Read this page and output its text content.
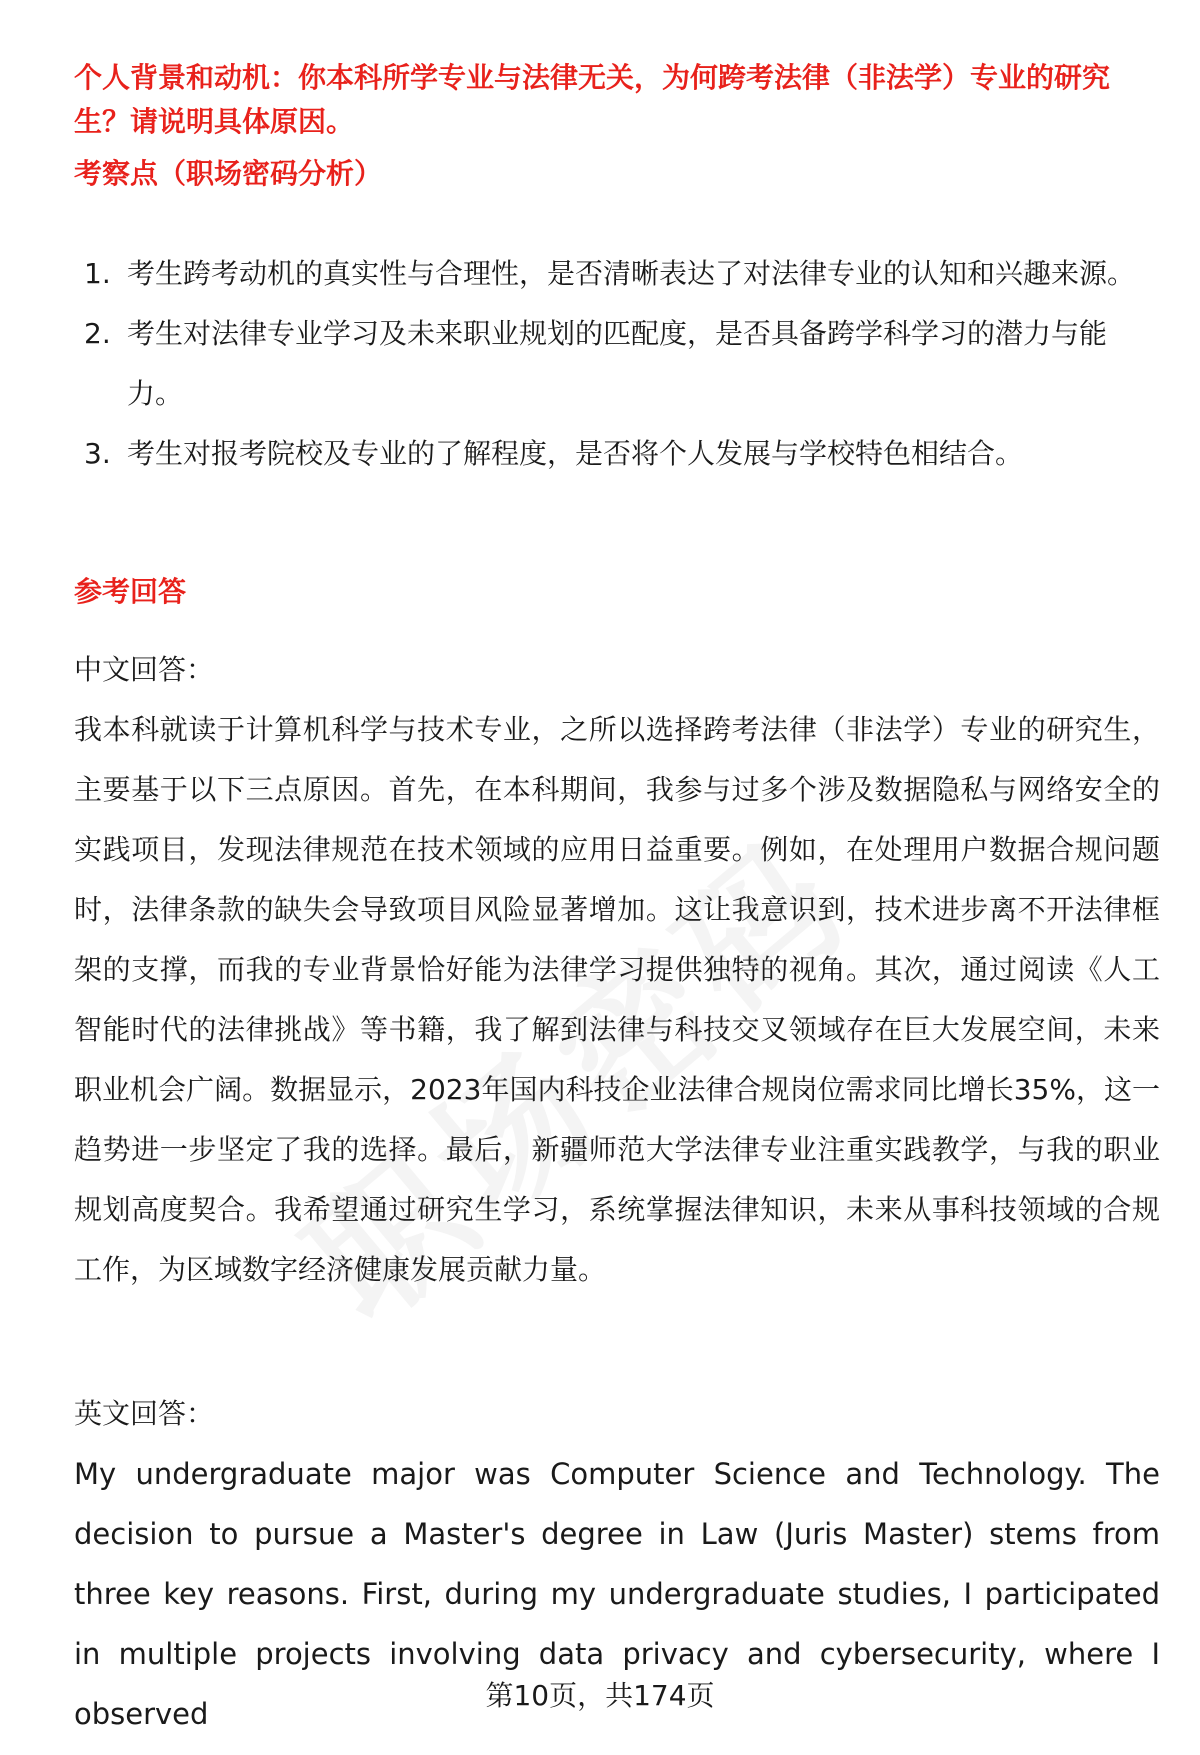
个人背景和动机：你本科所学专业与法律无关，为何跨考法律（非法学）专业的研究生？请说明具体原因。
考察点（职场密码分析）
1. 考生跨考动机的真实性与合理性，是否清晰表达了对法律专业的认知和兴趣来源。
2. 考生对法律专业学习及未来职业规划的匹配度，是否具备跨学科学习的潜力与能力。
3. 考生对报考院校及专业的了解程度，是否将个人发展与学校特色相结合。
参考回答
中文回答：
我本科就读于计算机科学与技术专业，之所以选择跨考法律（非法学）专业的研究生，主要基于以下三点原因。首先，在本科期间，我参与过多个涉及数据隐私与网络安全的实践项目，发现法律规范在技术领域的应用日益重要。例如，在处理用户数据合规问题时，法律条款的缺失会导致项目风险显著增加。这让我意识到，技术进步离不开法律框架的支撑，而我的专业背景恰好能为法律学习提供独特的视角。其次，通过阅读《人工智能时代的法律挑战》等书籍，我了解到法律与科技交叉领域存在巨大发展空间，未来职业机会广阔。数据显示，2023年国内科技企业法律合规岗位需求同比增长35%，这一趋势进一步坚定了我的选择。最后，新疆师范大学法律专业注重实践教学，与我的职业规划高度契合。我希望通过研究生学习，系统掌握法律知识，未来从事科技领域的合规工作，为区域数字经济健康发展贡献力量。
英文回答：
My undergraduate major was Computer Science and Technology. The decision to pursue a Master's degree in Law (Juris Master) stems from three key reasons. First, during my undergraduate studies, I participated in multiple projects involving data privacy and cybersecurity, where I observed
第10页，共174页
